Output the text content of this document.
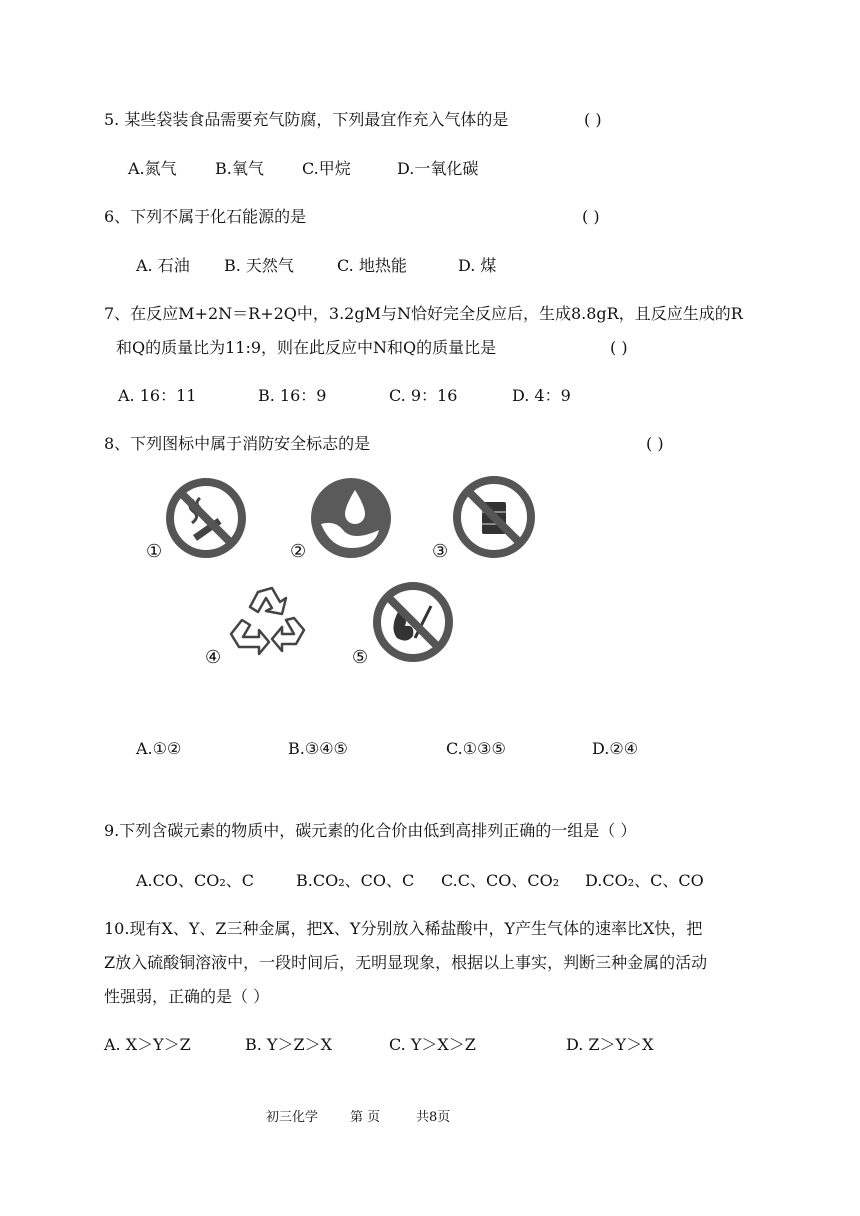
5. 某些袋装食品需要充气防腐，下列最宜作充入气体的是	( )
A.氮气 B.氧气 C.甲烷	D.一氧化碳
6、下列不属于化石能源的是	( )
A. 石油 B. 天然气	C. 地热能	D. 煤
7、在反应M+2N＝R+2Q中，3.2gM与N恰好完全反应后，生成8.8gR，且反应生成的R
和Q的质量比为11:9，则在此反应中N和Q的质量比是	( )
A. 16：11	B. 16：9	C. 9：16	D. 4：9
8、下列图标中属于消防安全标志的是	( )
①	②	③
④	⑤
A.①②	B.③④⑤	C.①③⑤	D.②④
9.下列含碳元素的物质中，碳元素的化合价由低到高排列正确的一组是（ ）
A.CO、CO₂、C	B.CO₂、CO、C C.C、CO、CO₂ D.CO₂、C、CO
10.现有X、Y、Z三种金属，把X、Y分别放入稀盐酸中，Y产生气体的速率比X快，把
Z放入硫酸铜溶液中，一段时间后，无明显现象，根据以上事实，判断三种金属的活动
性强弱，正确的是（ ）
A. X＞Y＞Z	B. Y＞Z＞X	C. Y＞X＞Z	D. Z＞Y＞X
初三化学 第 页	共8页
